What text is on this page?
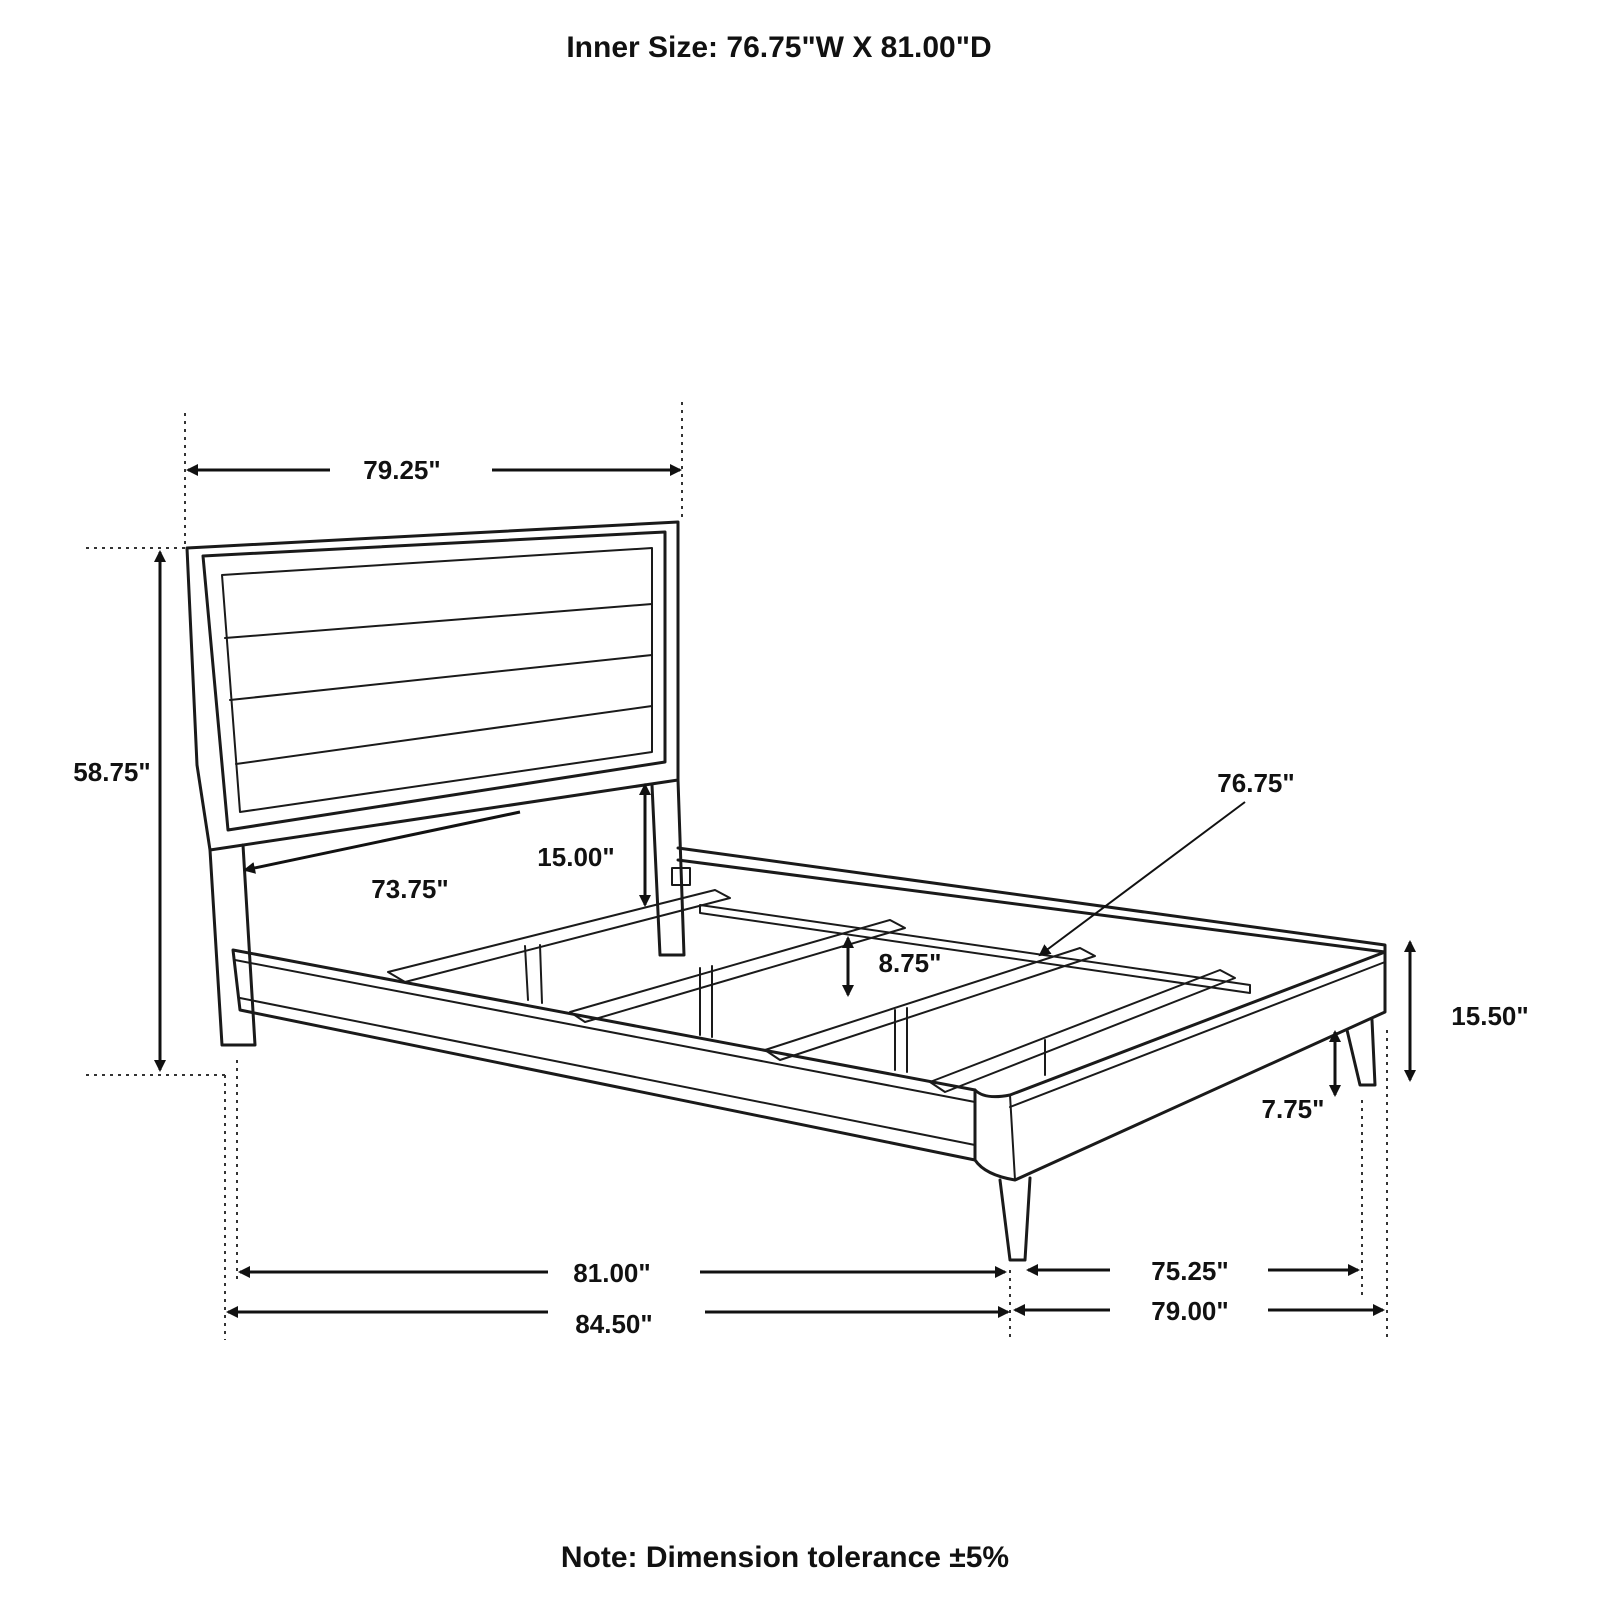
Inner Size: 76.75"W X 81.00"D
79.25"
58.75"
73.75"
15.00"
76.75"
8.75"
15.50"
7.75"
81.00"
84.50"
75.25"
79.00"
Note: Dimension tolerance ±5%
